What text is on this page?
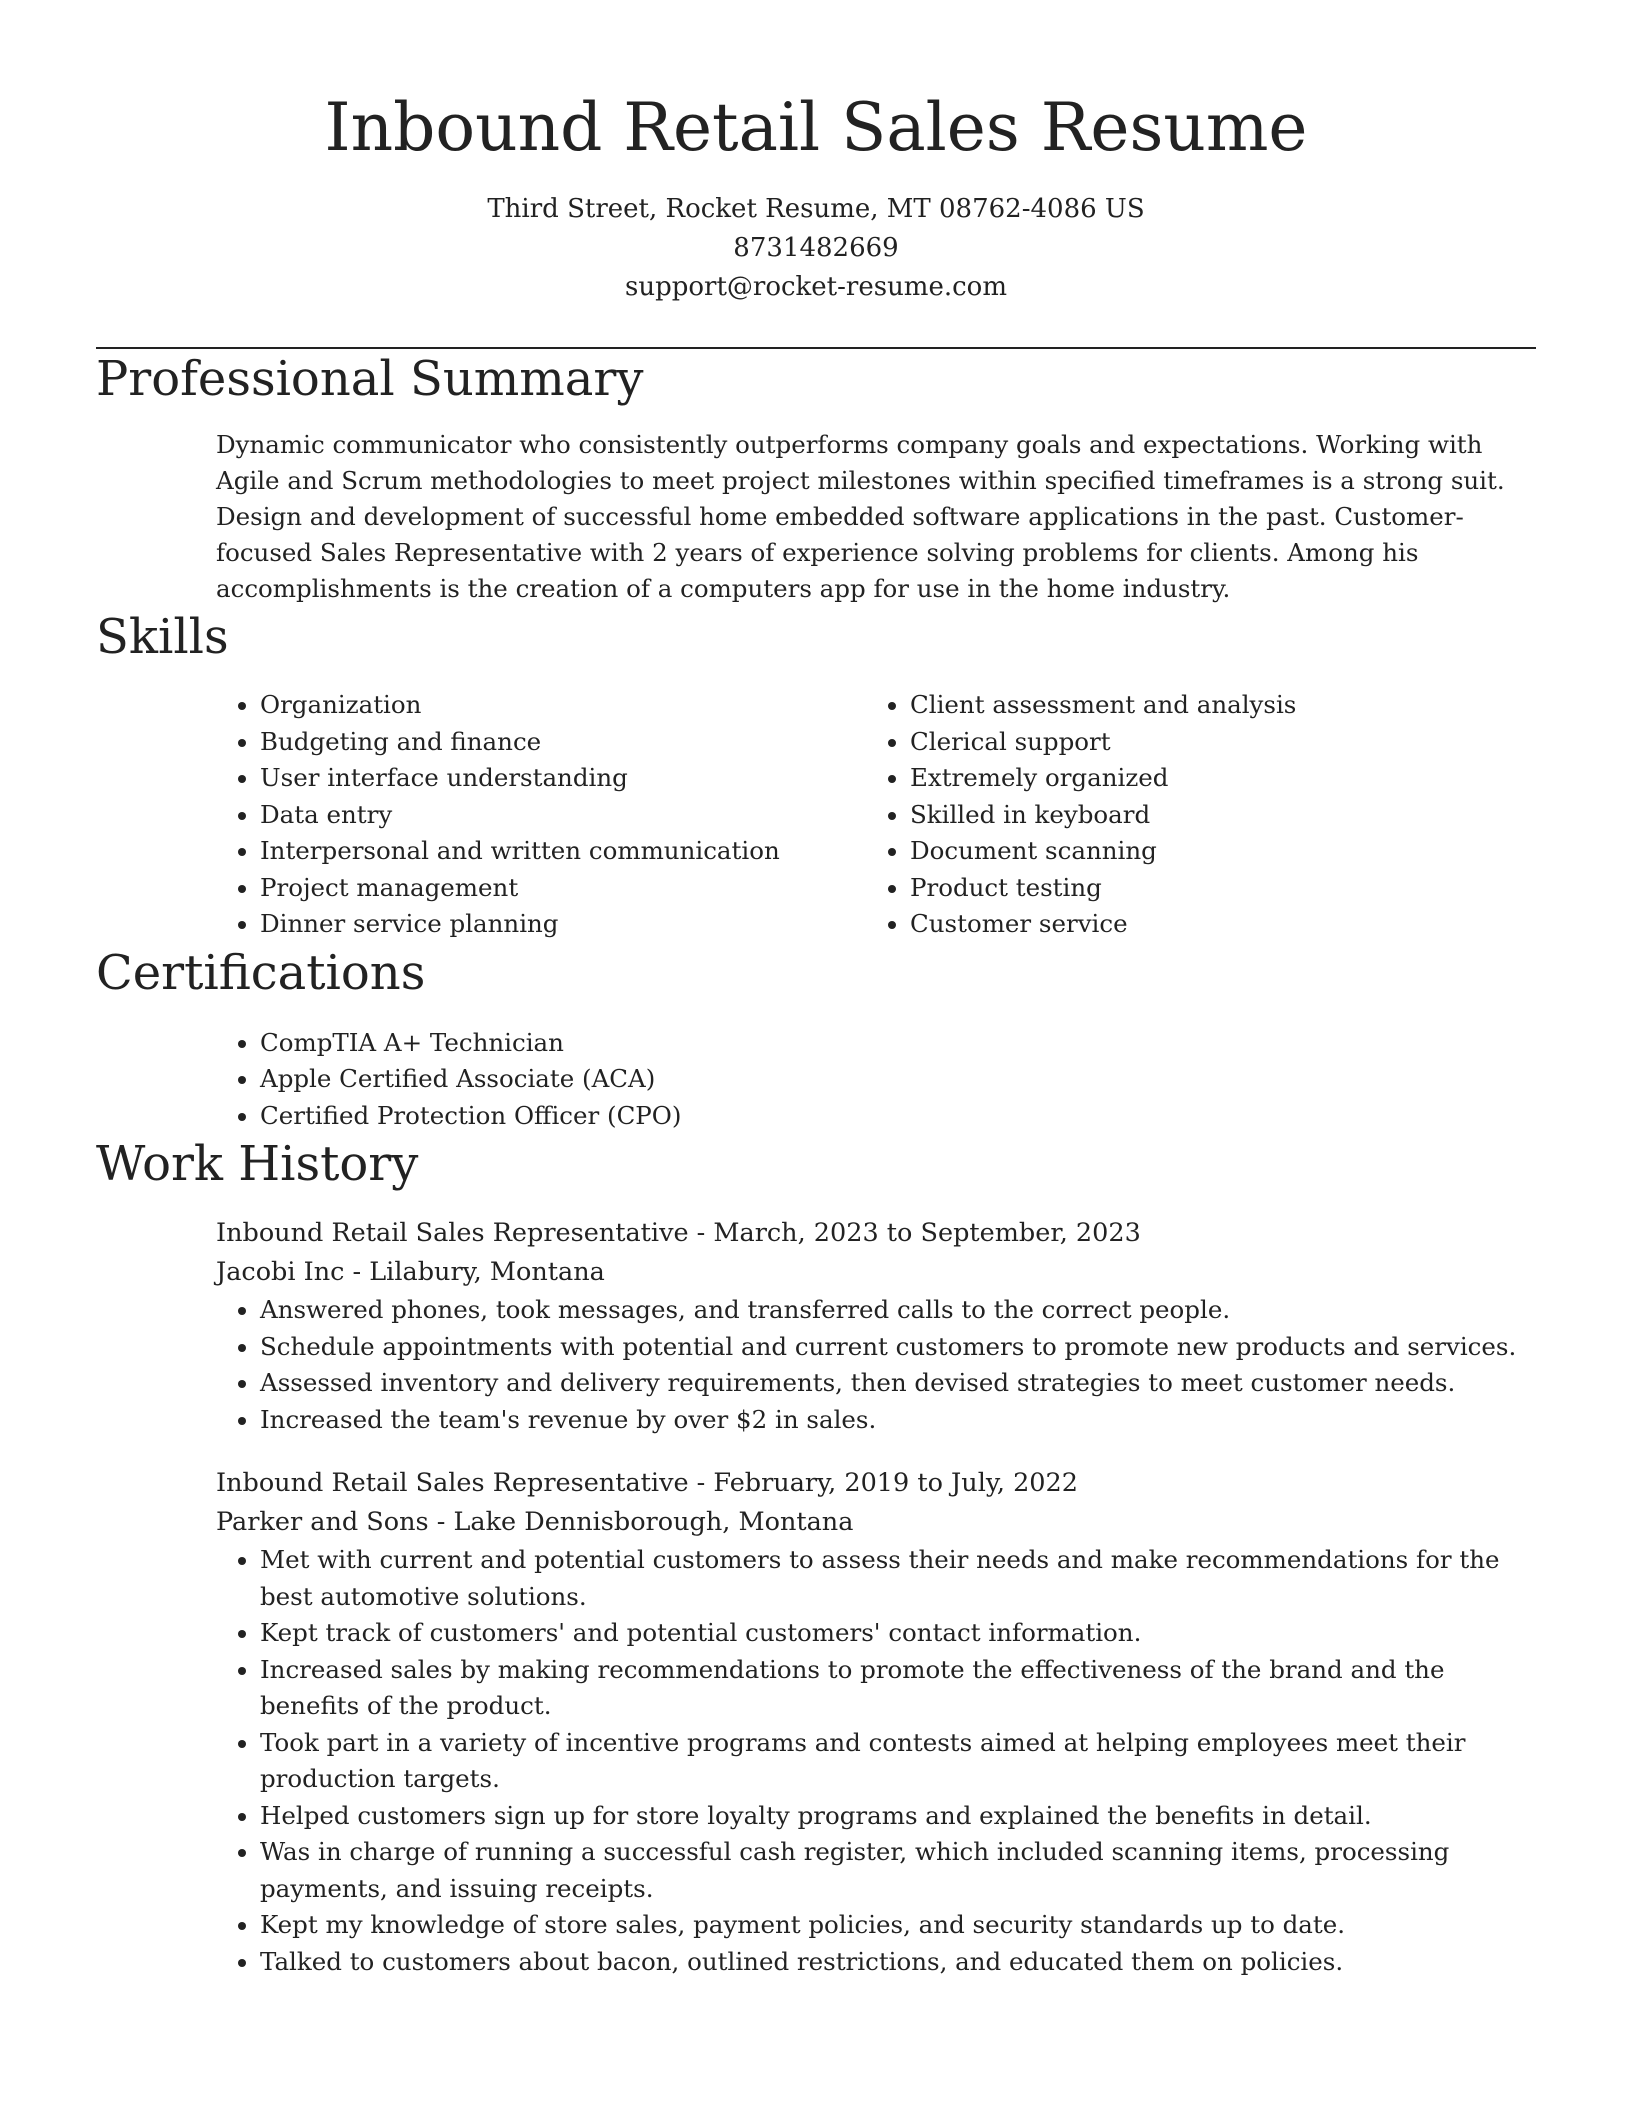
Inbound Retail Sales Resume
Third Street, Rocket Resume, MT 08762-4086 US
8731482669
support@rocket-resume.com
Professional Summary

Dynamic communicator who consistently outperforms company goals and expectations. Working with Agile and Scrum methodologies to meet project milestones within specified timeframes is a strong suit. Design and development of successful home embedded software applications in the past. Customer-focused Sales Representative with 2 years of experience solving problems for clients. Among his accomplishments is the creation of a computers app for use in the home industry.

Skills
• Organization
• Budgeting and finance
• User interface understanding
• Data entry
• Interpersonal and written communication
• Project management
• Dinner service planning
• Client assessment and analysis
• Clerical support
• Extremely organized
• Skilled in keyboard
• Document scanning
• Product testing
• Customer service
Certifications
• CompTIA A+ Technician
• Apple Certified Associate (ACA)
• Certified Protection Officer (CPO)
Work History
Inbound Retail Sales Representative - March, 2023 to September, 2023
Jacobi Inc - Lilabury, Montana
• Answered phones, took messages, and transferred calls to the correct people.
• Schedule appointments with potential and current customers to promote new products and services.
• Assessed inventory and delivery requirements, then devised strategies to meet customer needs.
• Increased the team's revenue by over $2 in sales.
Inbound Retail Sales Representative - February, 2019 to July, 2022
Parker and Sons - Lake Dennisborough, Montana
• Met with current and potential customers to assess their needs and make recommendations for the best automotive solutions.
• Kept track of customers' and potential customers' contact information.
• Increased sales by making recommendations to promote the effectiveness of the brand and the benefits of the product.
• Took part in a variety of incentive programs and contests aimed at helping employees meet their production targets.
• Helped customers sign up for store loyalty programs and explained the benefits in detail.
• Was in charge of running a successful cash register, which included scanning items, processing payments, and issuing receipts.
• Kept my knowledge of store sales, payment policies, and security standards up to date.
• Talked to customers about bacon, outlined restrictions, and educated them on policies.
